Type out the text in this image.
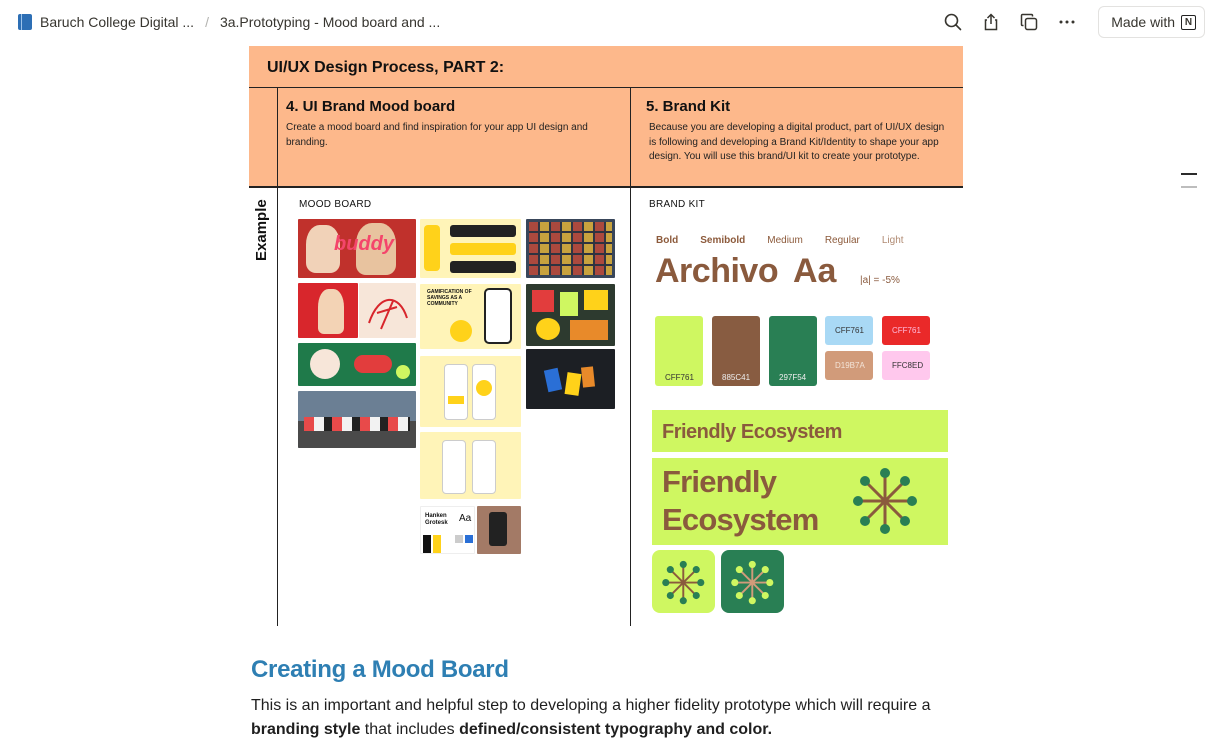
Baruch College Digital ... / 3a.Prototyping - Mood board and ...	Made with N
UI/UX Design Process, PART 2:
4. UI Brand Mood board
Create a mood board and find inspiration for your app UI design and branding.
5. Brand Kit
Because you are developing a digital product, part of UI/UX design is following and developing a Brand Kit/Identity to shape your app design. You will use this brand/UI kit to create your prototype.
Example	MOOD BOARD	BRAND KIT
buddy
GAMIFICATION OF SAVINGS AS A COMMUNITY
Hanken Grotesk	Aa
Bold Semibold Medium Regular Light
Archivo Aa |a| = -5%
CFF761	885C41	297F54
CFF761	CFF761
D19B7A	FFC8ED
Friendly Ecosystem
Friendly
Ecosystem
Creating a Mood Board
This is an important and helpful step to developing a higher fidelity prototype which will require a branding style that includes defined/consistent typography and color.
